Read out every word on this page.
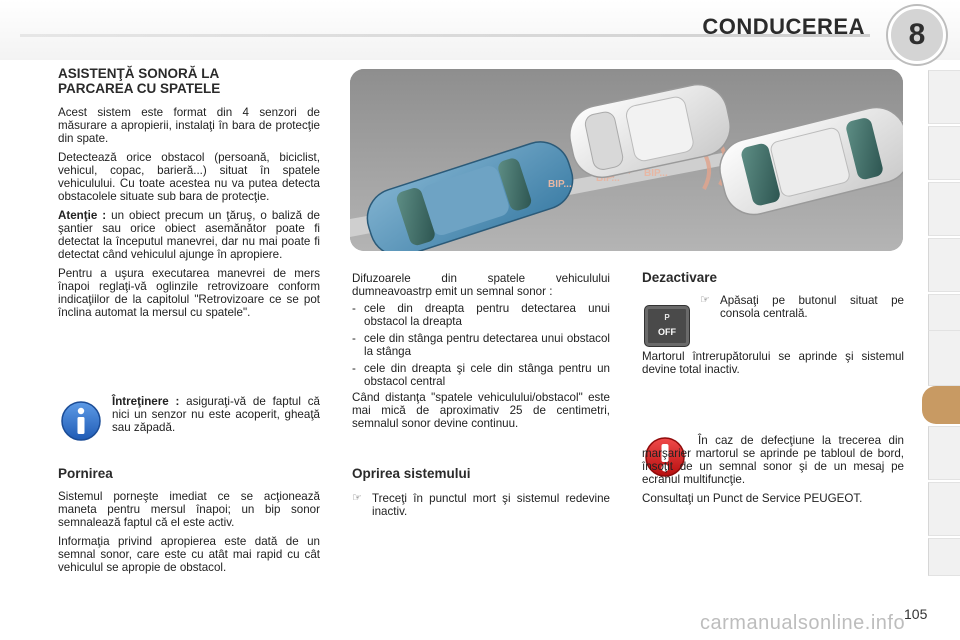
CONDUCEREA 8
ASISTENŢĂ SONORĂ LA
PARCAREA CU SPATELE

Acest sistem este format din 4 senzori de măsurare a apropierii, instalaţi în bara de protecţie din spate.

Detectează orice obstacol (persoană, biciclist, vehicul, copac, barieră...) situat în spatele vehiculului. Cu toate acestea nu va putea detecta obstacolele situate sub bara de protecţie.

Atenţie : un obiect precum un ţăruş, o baliză de şantier sau orice obiect asemănător poate fi detectat la începutul manevrei, dar nu mai poate fi detectat când vehiculul ajunge în apropiere.

Pentru a uşura executarea manevrei de mers înapoi reglaţi-vă oglinzile retrovizoare conform indicaţiilor de la capitolul "Retrovizoare ce se pot înclina automat la mersul cu spatele".

Întreţinere : asiguraţi-vă de faptul că nici un senzor nu este acoperit, gheaţă sau zăpadă.

Pornirea

Sistemul porneşte imediat ce se acţionează maneta pentru mersul înapoi; un bip sonor semnalează faptul că el este activ.

Informaţia privind apropierea este dată de un semnal sonor, care este cu atât mai rapid cu cât vehiculul se apropie de obstacol.

BIP...
BIP... BIP...

Difuzoarele din spatele vehiculului dumneavoastrp emit un semnal sonor :

- cele din dreapta pentru detectarea unui obstacol la dreapta
- cele din stânga pentru detectarea unui obstacol la stânga
- cele din dreapta şi cele din stânga pentru un obstacol central

Când distanţa "spatele vehiculului/obstacol" este mai mică de aproximativ 25 de centimetri, semnalul sonor devine continuu.

Oprirea sistemului
☞ Treceţi în punctul mort şi sistemul redevine inactiv.
Dezactivare
P
OFF
☞ Apăsaţi pe butonul situat pe consola centrală.

Martorul întrerupătorului se aprinde şi sistemul devine total inactiv.

În caz de defecţiune la trecerea din marşarier martorul se aprinde pe tabloul de bord, însoţit de un semnal sonor şi de un mesaj pe ecranul multifuncţie.

Consultaţi un Punct de Service PEUGEOT.

carmanualsonline.info
105
